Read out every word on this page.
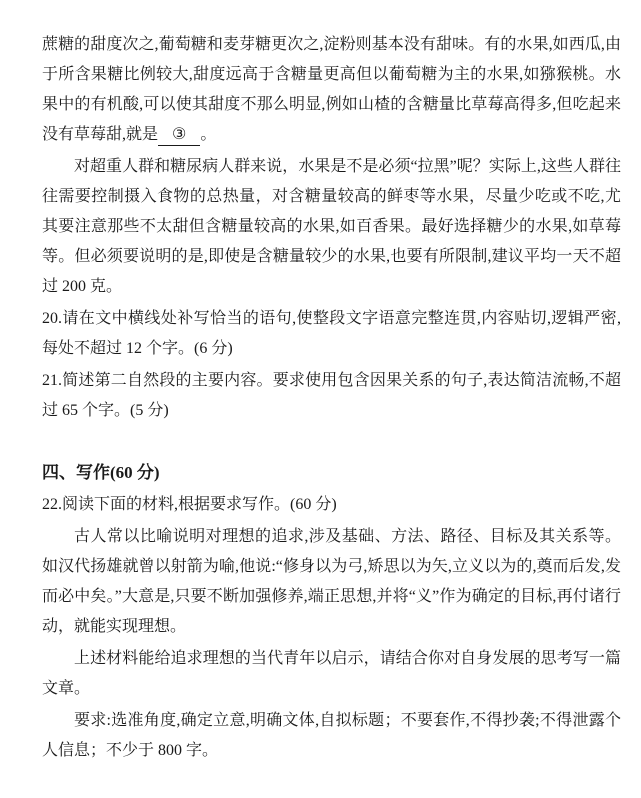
蔗糖的甜度次之,葡萄糖和麦芽糖更次之,淀粉则基本没有甜味。有的水果,如西瓜,由于所含果糖比例较大,甜度远高于含糖量更高但以葡萄糖为主的水果,如猕猴桃。水果中的有机酸,可以使其甜度不那么明显,例如山楂的含糖量比草莓高得多,但吃起来没有草莓甜,就是 ③ 。

对超重人群和糖尿病人群来说，水果是不是必须“拉黑”呢？实际上,这些人群往往需要控制摄入食物的总热量，对含糖量较高的鲜枣等水果，尽量少吃或不吃,尤其要注意那些不太甜但含糖量较高的水果,如百香果。最好选择糖少的水果,如草莓等。但必须要说明的是,即使是含糖量较少的水果,也要有所限制,建议平均一天不超过 200 克。

20.请在文中横线处补写恰当的语句,使整段文字语意完整连贯,内容贴切,逻辑严密,每处不超过 12 个字。(6 分)

21.简述第二自然段的主要内容。要求使用包含因果关系的句子,表达简洁流畅,不超过 65 个字。(5 分)

四、写作(60 分)

22.阅读下面的材料,根据要求写作。(60 分)

古人常以比喻说明对理想的追求,涉及基础、方法、路径、目标及其关系等。如汉代扬雄就曾以射箭为喻,他说:“修身以为弓,矫思以为矢,立义以为的,奠而后发,发而必中矣。”大意是,只要不断加强修养,端正思想,并将“义”作为确定的目标,再付诸行动，就能实现理想。

上述材料能给追求理想的当代青年以启示，请结合你对自身发展的思考写一篇文章。

要求:选准角度,确定立意,明确文体,自拟标题；不要套作,不得抄袭;不得泄露个人信息；不少于 800 字。
